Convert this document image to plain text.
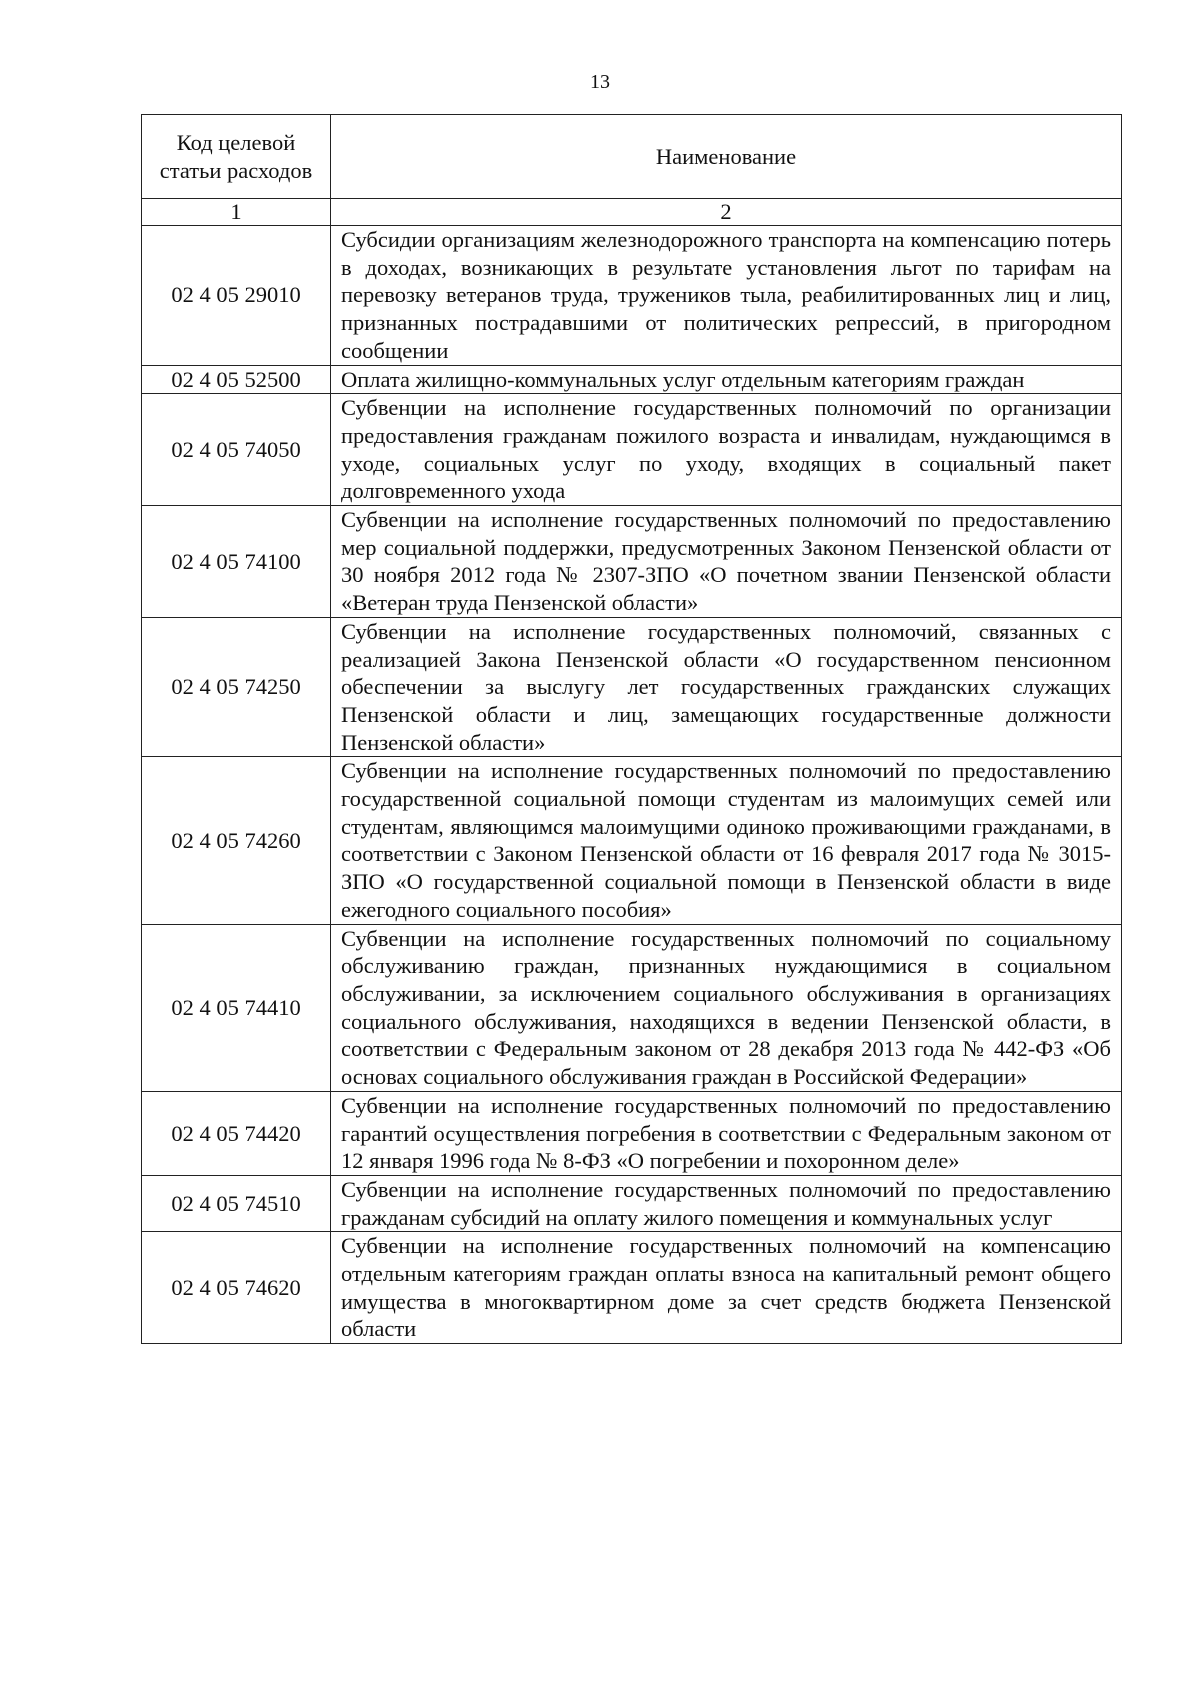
13
Код целевой статьи расходов	Наименование
1	2
02 4 05 29010	Субсидии организациям железнодорожного транспорта на компенсацию потерь в доходах, возникающих в результате установления льгот по тарифам на перевозку ветеранов труда, тружеников тыла, реабилитированных лиц и лиц, признанных пострадавшими от политических репрессий, в пригородном сообщении
02 4 05 52500	Оплата жилищно-коммунальных услуг отдельным категориям граждан
02 4 05 74050	Субвенции на исполнение государственных полномочий по организации предоставления гражданам пожилого возраста и инвалидам, нуждающимся в уходе, социальных услуг по уходу, входящих в социальный пакет долговременного ухода
02 4 05 74100	Субвенции на исполнение государственных полномочий по предоставлению мер социальной поддержки, предусмотренных Законом Пензенской области от 30 ноября 2012 года № 2307-ЗПО «О почетном звании Пензенской области «Ветеран труда Пензенской области»
02 4 05 74250	Субвенции на исполнение государственных полномочий, связанных с реализацией Закона Пензенской области «О государственном пенсионном обеспечении за выслугу лет государственных гражданских служащих Пензенской области и лиц, замещающих государственные должности Пензенской области»
02 4 05 74260	Субвенции на исполнение государственных полномочий по предоставлению государственной социальной помощи студентам из малоимущих семей или студентам, являющимся малоимущими одиноко проживающими гражданами, в соответствии с Законом Пензенской области от 16 февраля 2017 года № 3015-ЗПО «О государственной социальной помощи в Пензенской области в виде ежегодного социального пособия»
02 4 05 74410	Субвенции на исполнение государственных полномочий по социальному обслуживанию граждан, признанных нуждающимися в социальном обслуживании, за исключением социального обслуживания в организациях социального обслуживания, находящихся в ведении Пензенской области, в соответствии с Федеральным законом от 28 декабря 2013 года № 442-ФЗ «Об основах социального обслуживания граждан в Российской Федерации»
02 4 05 74420	Субвенции на исполнение государственных полномочий по предоставлению гарантий осуществления погребения в соответствии с Федеральным законом от 12 января 1996 года № 8-ФЗ «О погребении и похоронном деле»
02 4 05 74510	Субвенции на исполнение государственных полномочий по предоставлению гражданам субсидий на оплату жилого помещения и коммунальных услуг
02 4 05 74620	Субвенции на исполнение государственных полномочий на компенсацию отдельным категориям граждан оплаты взноса на капитальный ремонт общего имущества в многоквартирном доме за счет средств бюджета Пензенской области
